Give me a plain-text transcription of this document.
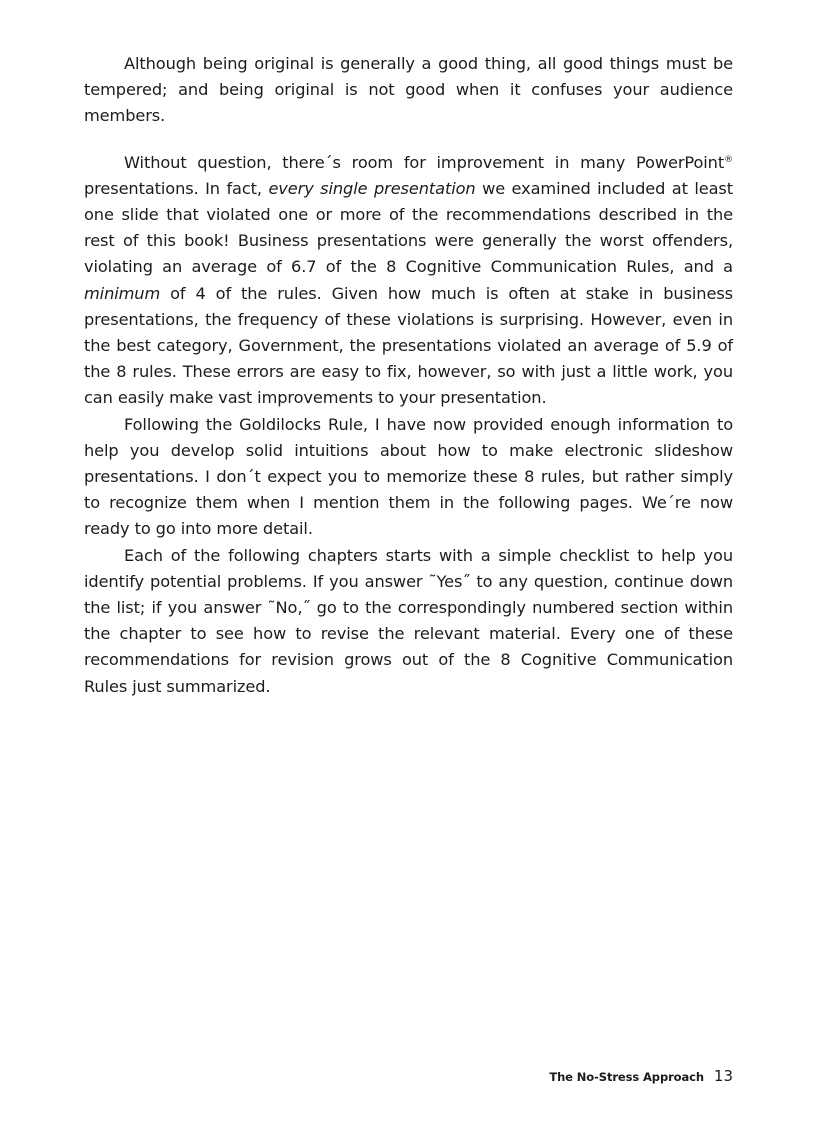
Although being original is generally a good thing, all good things must be tempered; and being original is not good when it confuses your audience members.

Without question, there´s room for improvement in many PowerPoint® presentations. In fact, every single presentation we examined included at least one slide that violated one or more of the recommendations described in the rest of this book! Business presentations were generally the worst offenders, violating an average of 6.7 of the 8 Cognitive Communication Rules, and a minimum of 4 of the rules. Given how much is often at stake in business presentations, the frequency of these violations is surprising. However, even in the best category, Government, the presentations violated an average of 5.9 of the 8 rules. These errors are easy to fix, however, so with just a little work, you can easily make vast improvements to your presentation.

Following the Goldilocks Rule, I have now provided enough information to help you develop solid intuitions about how to make electronic slideshow presentations. I don´t expect you to memorize these 8 rules, but rather simply to recognize them when I mention them in the following pages. We´re now ready to go into more detail.

Each of the following chapters starts with a simple checklist to help you identify potential problems. If you answer ˜Yes˝ to any question, continue down the list; if you answer ˜No,˝ go to the correspondingly numbered section within the chapter to see how to revise the relevant material. Every one of these recommendations for revision grows out of the 8 Cognitive Communication Rules just summarized.

The No-Stress Approach 13
